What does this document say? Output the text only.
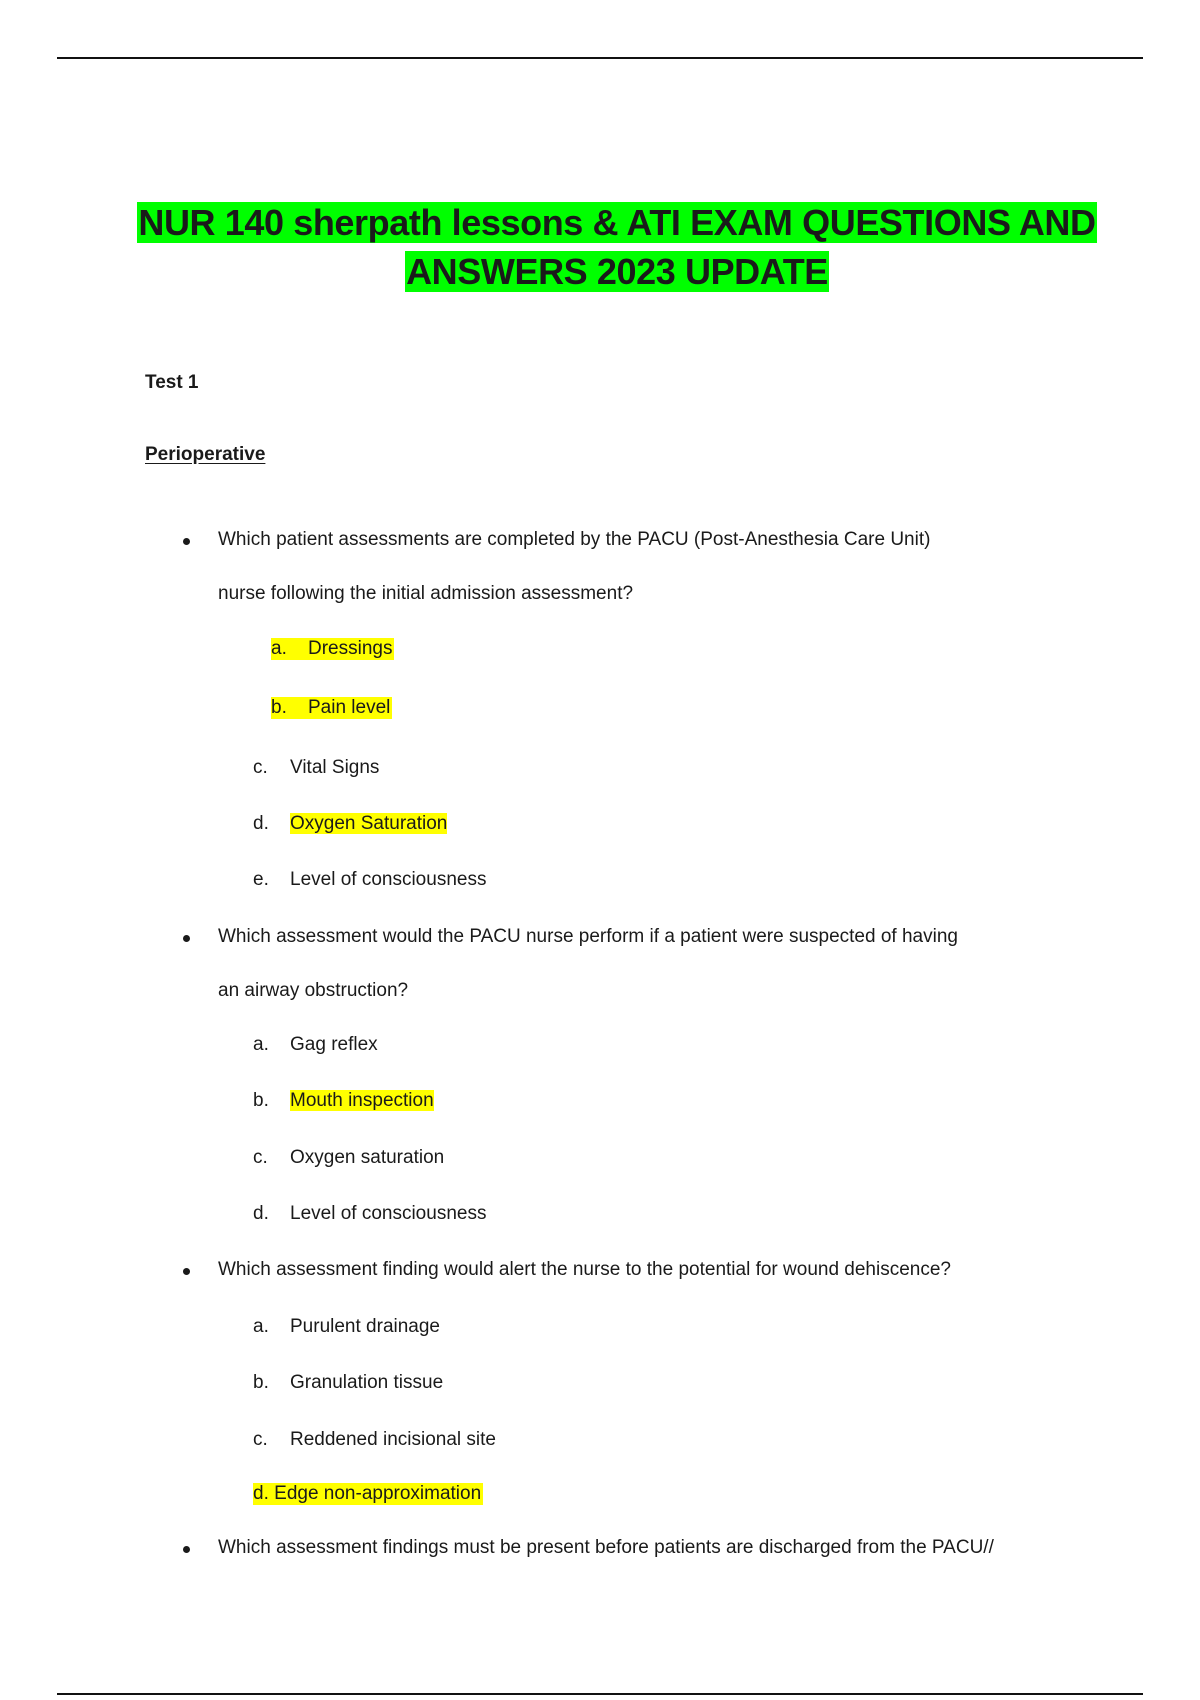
NUR 140 sherpath lessons & ATI EXAM QUESTIONS AND
ANSWERS 2023 UPDATE
Test 1
Perioperative
Which patient assessments are completed by the PACU (Post-Anesthesia Care Unit)
nurse following the initial admission assessment?
a. Dressings
b. Pain level
c. Vital Signs
d. Oxygen Saturation
e. Level of consciousness
Which assessment would the PACU nurse perform if a patient were suspected of having
an airway obstruction?
a. Gag reflex
b. Mouth inspection
c. Oxygen saturation
d. Level of consciousness
Which assessment finding would alert the nurse to the potential for wound dehiscence?
a. Purulent drainage
b. Granulation tissue
c. Reddened incisional site
d. Edge non-approximation
Which assessment findings must be present before patients are discharged from the PACU//
